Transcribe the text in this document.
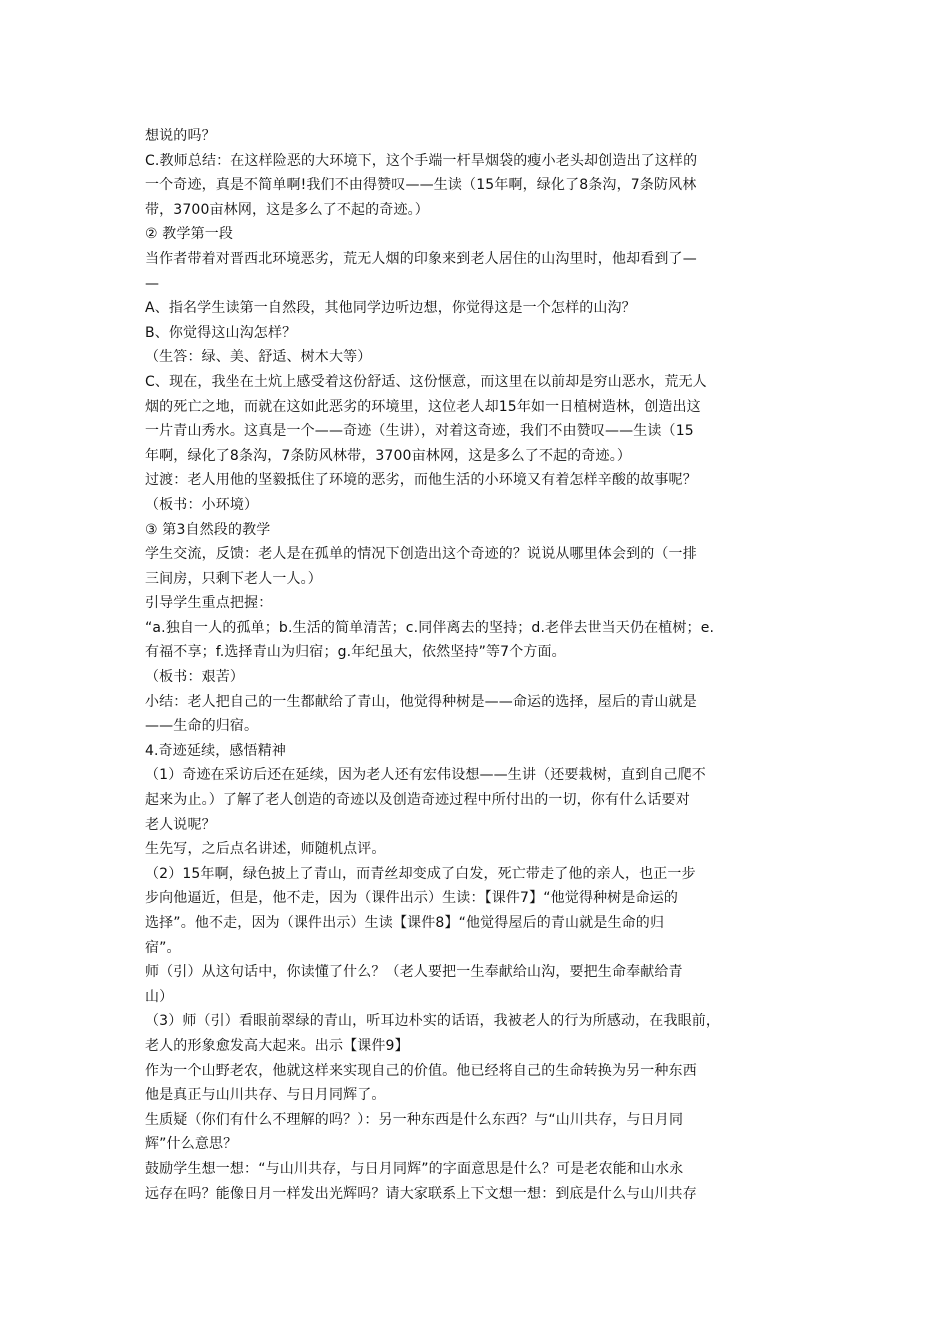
想说的吗？
C.教师总结：在这样险恶的大环境下，这个手端一杆旱烟袋的瘦小老头却创造出了这样的
一个奇迹，真是不简单啊!我们不由得赞叹——生读（15年啊，绿化了8条沟，7条防风林
带，3700亩林网，这是多么了不起的奇迹。）
② 教学第一段
当作者带着对晋西北环境恶劣，荒无人烟的印象来到老人居住的山沟里时，他却看到了—
—
A、指名学生读第一自然段，其他同学边听边想，你觉得这是一个怎样的山沟？
B、你觉得这山沟怎样？
（生答：绿、美、舒适、树木大等）
C、现在，我坐在土炕上感受着这份舒适、这份惬意，而这里在以前却是穷山恶水，荒无人
烟的死亡之地，而就在这如此恶劣的环境里，这位老人却15年如一日植树造林，创造出这
一片青山秀水。这真是一个——奇迹（生讲），对着这奇迹，我们不由赞叹——生读（15
年啊，绿化了8条沟，7条防风林带，3700亩林网，这是多么了不起的奇迹。）
过渡：老人用他的坚毅抵住了环境的恶劣，而他生活的小环境又有着怎样辛酸的故事呢？
（板书：小环境）
③ 第3自然段的教学
学生交流，反馈：老人是在孤单的情况下创造出这个奇迹的？说说从哪里体会到的（一排
三间房，只剩下老人一人。）
引导学生重点把握：
“a.独自一人的孤单；b.生活的简单清苦；c.同伴离去的坚持；d.老伴去世当天仍在植树；e.
有福不享；f.选择青山为归宿；g.年纪虽大，依然坚持”等7个方面。
（板书：艰苦）
小结：老人把自己的一生都献给了青山，他觉得种树是——命运的选择，屋后的青山就是
——生命的归宿。
4.奇迹延续，感悟精神
（1）奇迹在采访后还在延续，因为老人还有宏伟设想——生讲（还要栽树，直到自己爬不
起来为止。）了解了老人创造的奇迹以及创造奇迹过程中所付出的一切，你有什么话要对
老人说呢？
生先写，之后点名讲述，师随机点评。
（2）15年啊，绿色披上了青山，而青丝却变成了白发，死亡带走了他的亲人，也正一步
步向他逼近，但是，他不走，因为（课件出示）生读：【课件7】“他觉得种树是命运的
选择”。他不走，因为（课件出示）生读【课件8】“他觉得屋后的青山就是生命的归
宿”。
师（引）从这句话中，你读懂了什么？（老人要把一生奉献给山沟，要把生命奉献给青
山）
（3）师（引）看眼前翠绿的青山，听耳边朴实的话语，我被老人的行为所感动，在我眼前，
老人的形象愈发高大起来。出示【课件9】
作为一个山野老农，他就这样来实现自己的价值。他已经将自己的生命转换为另一种东西
他是真正与山川共存、与日月同辉了。
生质疑（你们有什么不理解的吗？）：另一种东西是什么东西？与“山川共存，与日月同
辉”什么意思？
鼓励学生想一想：“与山川共存，与日月同辉”的字面意思是什么？可是老农能和山水永
远存在吗？能像日月一样发出光辉吗？请大家联系上下文想一想：到底是什么与山川共存
